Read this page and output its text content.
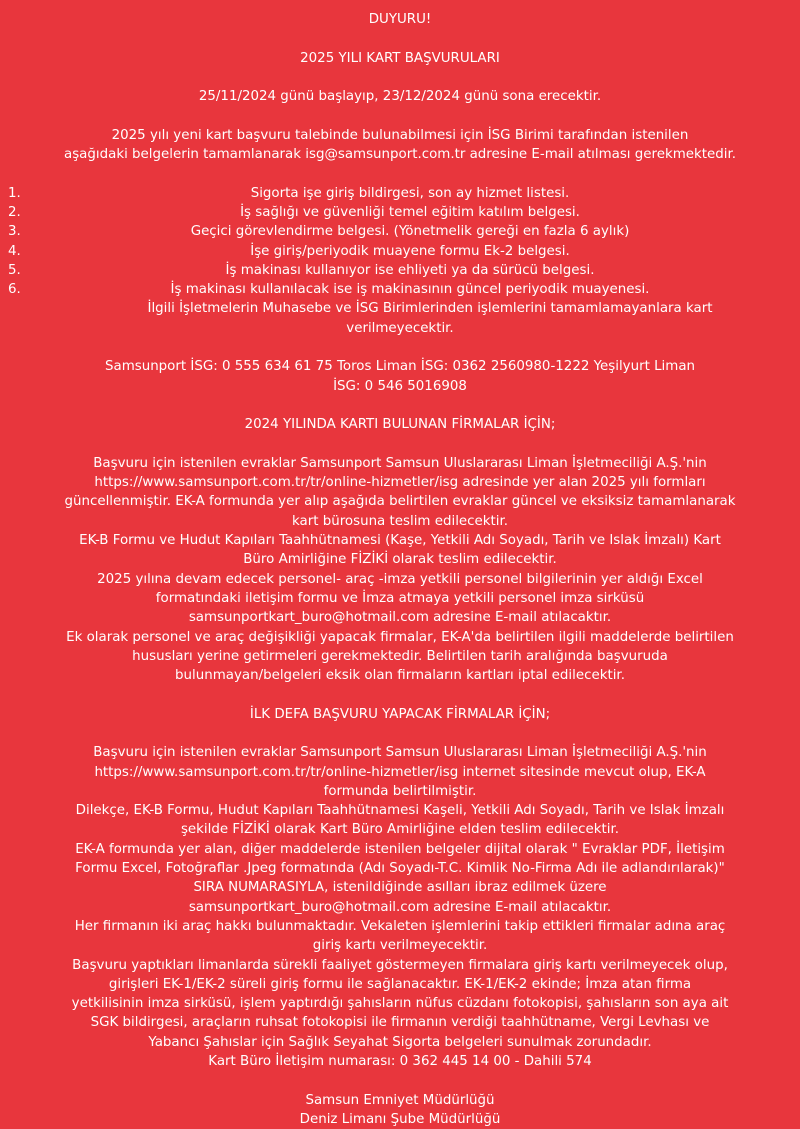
DUYURU!
2025 YILI KART BAŞVURULARI
25/11/2024 günü başlayıp, 23/12/2024 günü sona erecektir.
2025 yılı yeni kart başvuru talebinde bulunabilmesi için İSG Birimi tarafından istenilen
aşağıdaki belgelerin tamamlanarak isg@samsunport.com.tr adresine E-mail atılması gerekmektedir.
1.	Sigorta işe giriş bildirgesi, son ay hizmet listesi.
2.	İş sağlığı ve güvenliği temel eğitim katılım belgesi.
3.	Geçici görevlendirme belgesi. (Yönetmelik gereği en fazla 6 aylık)
4.	İşe giriş/periyodik muayene formu Ek-2 belgesi.
5.	İş makinası kullanıyor ise ehliyeti ya da sürücü belgesi.
6.	İş makinası kullanılacak ise iş makinasının güncel periyodik muayenesi.
İlgili İşletmelerin Muhasebe ve İSG Birimlerinden işlemlerini tamamlamayanlara kart
verilmeyecektir.
Samsunport İSG: 0 555 634 61 75 Toros Liman İSG: 0362 2560980-1222 Yeşilyurt Liman
İSG: 0 546 5016908
2024 YILINDA KARTI BULUNAN FİRMALAR İÇİN;
Başvuru için istenilen evraklar Samsunport Samsun Uluslararası Liman İşletmeciliği A.Ş.'nin
https://www.samsunport.com.tr/tr/online-hizmetler/isg adresinde yer alan 2025 yılı formları
güncellenmiştir. EK-A formunda yer alıp aşağıda belirtilen evraklar güncel ve eksiksiz tamamlanarak
kart bürosuna teslim edilecektir.
EK-B Formu ve Hudut Kapıları Taahhütnamesi (Kaşe, Yetkili Adı Soyadı, Tarih ve Islak İmzalı) Kart
Büro Amirliğine FİZİKİ olarak teslim edilecektir.
2025 yılına devam edecek personel- araç -imza yetkili personel bilgilerinin yer aldığı Excel
formatındaki iletişim formu ve İmza atmaya yetkili personel imza sirküsü
samsunportkart_buro@hotmail.com adresine E-mail atılacaktır.
Ek olarak personel ve araç değişikliği yapacak firmalar, EK-A'da belirtilen ilgili maddelerde belirtilen
hususları yerine getirmeleri gerekmektedir. Belirtilen tarih aralığında başvuruda
bulunmayan/belgeleri eksik olan firmaların kartları iptal edilecektir.
İLK DEFA BAŞVURU YAPACAK FİRMALAR İÇİN;
Başvuru için istenilen evraklar Samsunport Samsun Uluslararası Liman İşletmeciliği A.Ş.'nin
https://www.samsunport.com.tr/tr/online-hizmetler/isg internet sitesinde mevcut olup, EK-A
formunda belirtilmiştir.
Dilekçe, EK-B Formu, Hudut Kapıları Taahhütnamesi Kaşeli, Yetkili Adı Soyadı, Tarih ve Islak İmzalı
şekilde FİZİKİ olarak Kart Büro Amirliğine elden teslim edilecektir.
EK-A formunda yer alan, diğer maddelerde istenilen belgeler dijital olarak " Evraklar PDF, İletişim
Formu Excel, Fotoğraflar .Jpeg formatında (Adı Soyadı-T.C. Kimlik No-Firma Adı ile adlandırılarak)"
SIRA NUMARASIYLA, istenildiğinde asılları ibraz edilmek üzere
samsunportkart_buro@hotmail.com adresine E-mail atılacaktır.
Her firmanın iki araç hakkı bulunmaktadır. Vekaleten işlemlerini takip ettikleri firmalar adına araç
giriş kartı verilmeyecektir.
Başvuru yaptıkları limanlarda sürekli faaliyet göstermeyen firmalara giriş kartı verilmeyecek olup,
girişleri EK-1/EK-2 süreli giriş formu ile sağlanacaktır. EK-1/EK-2 ekinde; İmza atan firma
yetkilisinin imza sirküsü, işlem yaptırdığı şahısların nüfus cüzdanı fotokopisi, şahısların son aya ait
SGK bildirgesi, araçların ruhsat fotokopisi ile firmanın verdiği taahhütname, Vergi Levhası ve
Yabancı Şahıslar için Sağlık Seyahat Sigorta belgeleri sunulmak zorundadır.
Kart Büro İletişim numarası: 0 362 445 14 00 - Dahili 574
Samsun Emniyet Müdürlüğü
Deniz Limanı Şube Müdürlüğü
